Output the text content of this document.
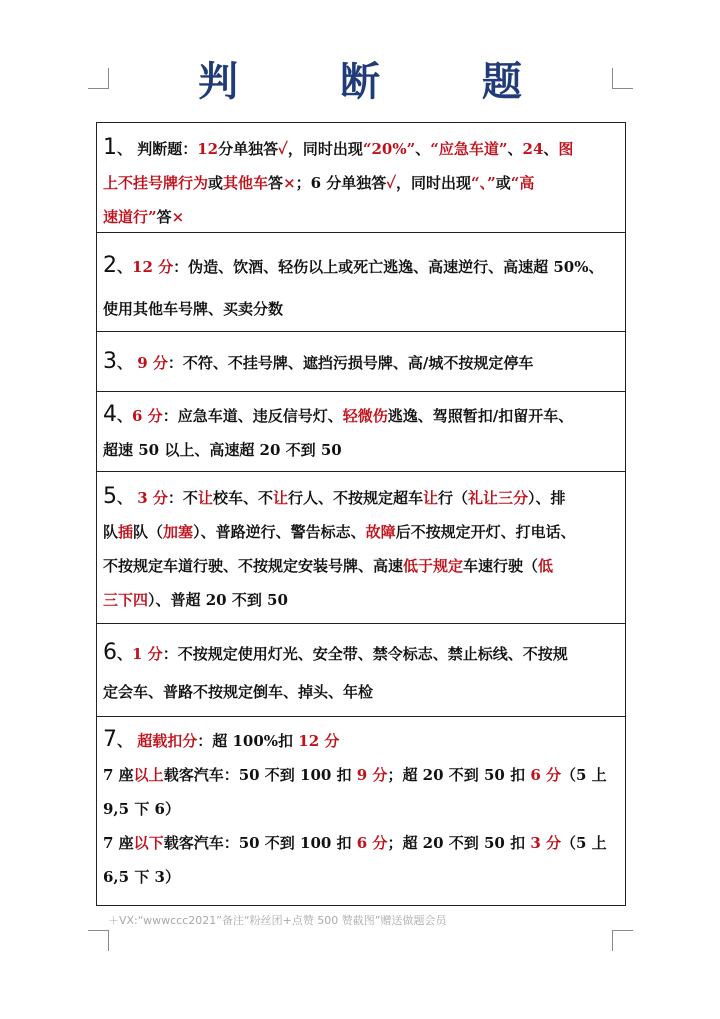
判 断 题
1、 判断题：12分单独答✓，同时出现“20%”、“应急车道”、24、图
上不挂号牌行为或其他车答×；6 分单独答✓，同时出现“、”或“高
速道行”答×
2、12 分：伪造、饮酒、轻伤以上或死亡逃逸、高速逆行、高速超 50%、
使用其他车号牌、买卖分数
3、 9 分：不符、不挂号牌、遮挡污损号牌、高/城不按规定停车
4、6 分：应急车道、违反信号灯、轻微伤逃逸、驾照暂扣/扣留开车、
超速 50 以上、高速超 20 不到 50
5、 3 分：不让校车、不让行人、不按规定超车让行（礼让三分）、排
队插队（加塞）、普路逆行、警告标志、故障后不按规定开灯、打电话、
不按规定车道行驶、不按规定安装号牌、高速低于规定车速行驶（低
三下四）、普超 20 不到 50
6、1 分：不按规定使用灯光、安全带、禁令标志、禁止标线、不按规
定会车、普路不按规定倒车、掉头、年检
7、 超载扣分：超 100%扣 12 分
7 座以上载客汽车：50 不到 100 扣 9 分；超 20 不到 50 扣 6 分（5 上
9,5 下 6）
7 座以下载客汽车：50 不到 100 扣 6 分；超 20 不到 50 扣 3 分（5 上
6,5 下 3）
＋VX:“wwwccc2021”备注“粉丝团+点赞 500 赞截图”赠送做题会员
